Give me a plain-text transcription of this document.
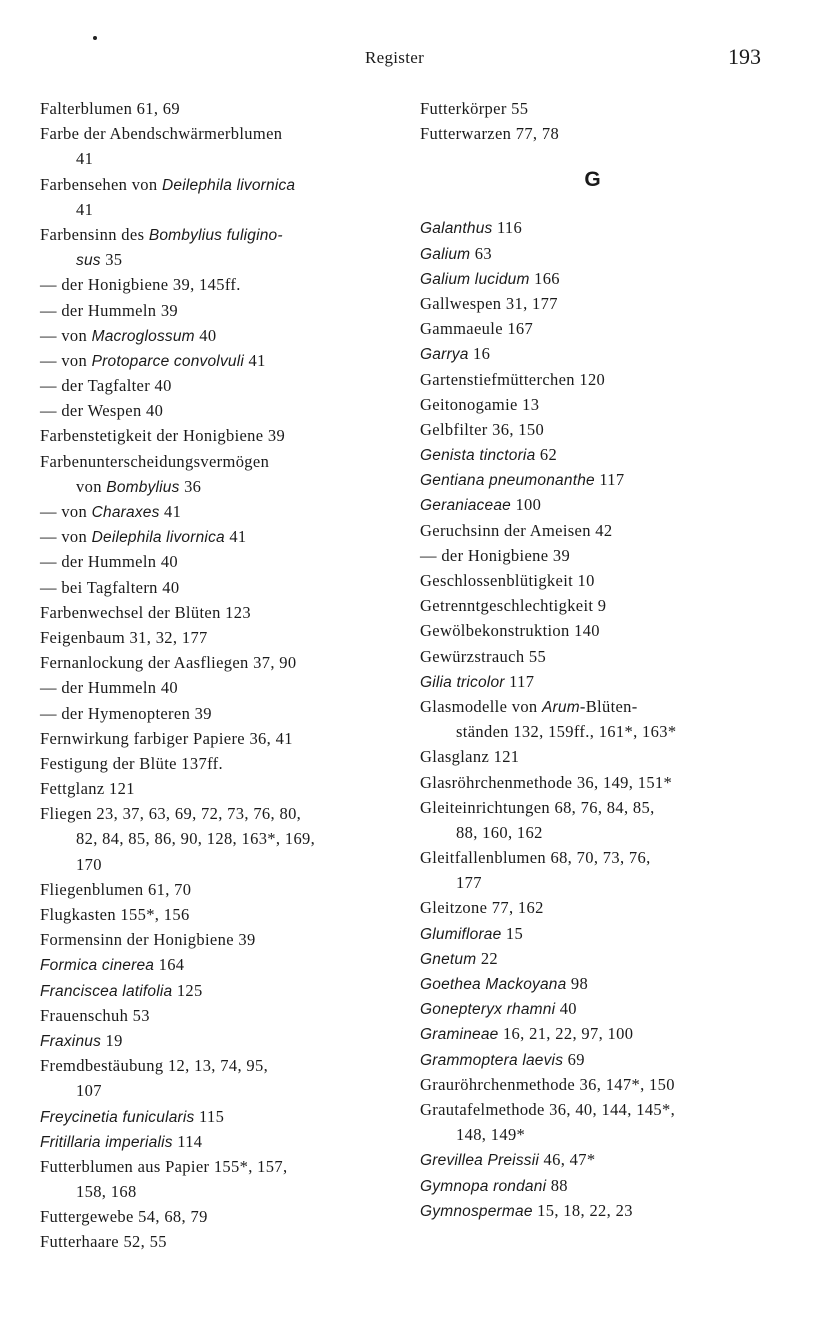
Register	193
Falterblumen 61, 69
Farbe der Abendschwärmerblumen
41
Farbensehen von Deilephila livornica
41
Farbensinn des Bombylius fuligino-
sus 35
— der Honigbiene 39, 145ff.
— der Hummeln 39
— von Macroglossum 40
— von Protoparce convolvuli 41
— der Tagfalter 40
— der Wespen 40
Farbenstetigkeit der Honigbiene 39
Farbenunterscheidungsvermögen
von Bombylius 36
— von Charaxes 41
— von Deilephila livornica 41
— der Hummeln 40
— bei Tagfaltern 40
Farbenwechsel der Blüten 123
Feigenbaum 31, 32, 177
Fernanlockung der Aasfliegen 37, 90
— der Hummeln 40
— der Hymenopteren 39
Fernwirkung farbiger Papiere 36, 41
Festigung der Blüte 137ff.
Fettglanz 121
Fliegen 23, 37, 63, 69, 72, 73, 76, 80,
82, 84, 85, 86, 90, 128, 163*, 169,
170
Fliegenblumen 61, 70
Flugkasten 155*, 156
Formensinn der Honigbiene 39
Formica cinerea 164
Franciscea latifolia 125
Frauenschuh 53
Fraxinus 19
Fremdbestäubung 12, 13, 74, 95,
107
Freycinetia funicularis 115
Fritillaria imperialis 114
Futterblumen aus Papier 155*, 157,
158, 168
Futtergewebe 54, 68, 79
Futterhaare 52, 55
Futterkörper 55
Futterwarzen 77, 78
G
Galanthus 116
Galium 63
Galium lucidum 166
Gallwespen 31, 177
Gammaeule 167
Garrya 16
Gartenstiefmütterchen 120
Geitonogamie 13
Gelbfilter 36, 150
Genista tinctoria 62
Gentiana pneumonanthe 117
Geraniaceae 100
Geruchsinn der Ameisen 42
— der Honigbiene 39
Geschlossenblütigkeit 10
Getrenntgeschlechtigkeit 9
Gewölbekonstruktion 140
Gewürzstrauch 55
Gilia tricolor 117
Glasmodelle von Arum-Blüten-
ständen 132, 159ff., 161*, 163*
Glasglanz 121
Glasröhrchenmethode 36, 149, 151*
Gleiteinrichtungen 68, 76, 84, 85,
88, 160, 162
Gleitfallenblumen 68, 70, 73, 76,
177
Gleitzone 77, 162
Glumiflorae 15
Gnetum 22
Goethea Mackoyana 98
Gonepteryx rhamni 40
Gramineae 16, 21, 22, 97, 100
Grammoptera laevis 69
Grauröhrchenmethode 36, 147*, 150
Grautafelmethode 36, 40, 144, 145*,
148, 149*
Grevillea Preissii 46, 47*
Gymnopa rondani 88
Gymnospermae 15, 18, 22, 23
